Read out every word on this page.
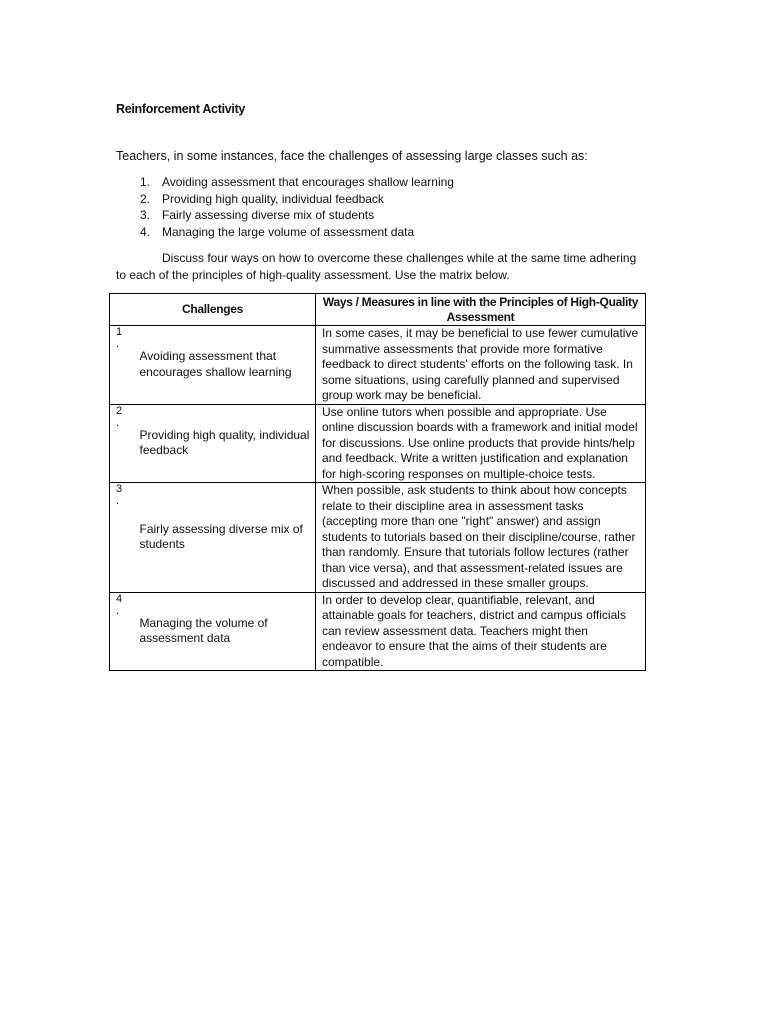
Reinforcement Activity
Teachers, in some instances, face the challenges of assessing large classes such as:
1. Avoiding assessment that encourages shallow learning
2. Providing high quality, individual feedback
3. Fairly assessing diverse mix of students
4. Managing the large volume of assessment data
Discuss four ways on how to overcome these challenges while at the same time adhering to each of the principles of high-quality assessment. Use the matrix below.
Challenges		Ways / Measures in line with the Principles of High-Quality Assessment
1
.	Avoiding assessment that encourages shallow learning	In some cases, it may be beneficial to use fewer cumulative summative assessments that provide more formative feedback to direct students' efforts on the following task. In some situations, using carefully planned and supervised group work may be beneficial.
2
.	Providing high quality, individual feedback	Use online tutors when possible and appropriate. Use online discussion boards with a framework and initial model for discussions. Use online products that provide hints/help and feedback. Write a written justification and explanation for high-scoring responses on multiple-choice tests.
3
.	Fairly assessing diverse mix of students	When possible, ask students to think about how concepts relate to their discipline area in assessment tasks (accepting more than one "right" answer) and assign students to tutorials based on their discipline/course, rather than randomly. Ensure that tutorials follow lectures (rather than vice versa), and that assessment-related issues are discussed and addressed in these smaller groups.
4
.	Managing the volume of assessment data	In order to develop clear, quantifiable, relevant, and attainable goals for teachers, district and campus officials can review assessment data. Teachers might then endeavor to ensure that the aims of their students are compatible.
